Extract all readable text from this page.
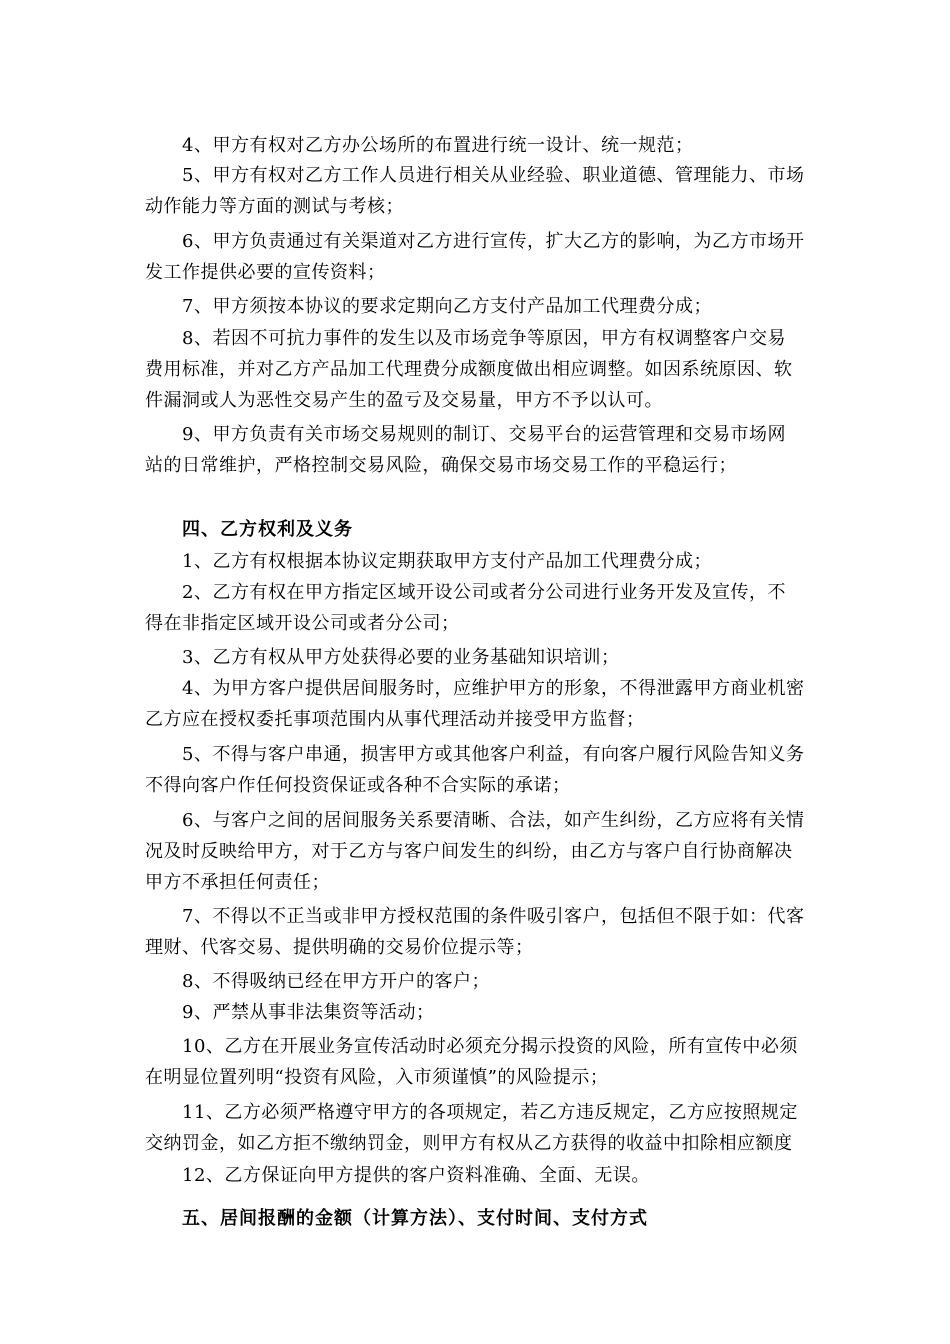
4、甲方有权对乙方办公场所的布置进行统一设计、统一规范；
5、甲方有权对乙方工作人员进行相关从业经验、职业道德、管理能力、市场
动作能力等方面的测试与考核；
6、甲方负责通过有关渠道对乙方进行宣传，扩大乙方的影响，为乙方市场开
发工作提供必要的宣传资料；
7、甲方须按本协议的要求定期向乙方支付产品加工代理费分成；
8、若因不可抗力事件的发生以及市场竞争等原因，甲方有权调整客户交易
费用标准，并对乙方产品加工代理费分成额度做出相应调整。如因系统原因、软
件漏洞或人为恶性交易产生的盈亏及交易量，甲方不予以认可。
9、甲方负责有关市场交易规则的制订、交易平台的运营管理和交易市场网
站的日常维护，严格控制交易风险，确保交易市场交易工作的平稳运行；
四、乙方权利及义务
1、乙方有权根据本协议定期获取甲方支付产品加工代理费分成；
2、乙方有权在甲方指定区域开设公司或者分公司进行业务开发及宣传，不
得在非指定区域开设公司或者分公司；
3、乙方有权从甲方处获得必要的业务基础知识培训；
4、为甲方客户提供居间服务时，应维护甲方的形象，不得泄露甲方商业机密
乙方应在授权委托事项范围内从事代理活动并接受甲方监督；
5、不得与客户串通，损害甲方或其他客户利益，有向客户履行风险告知义务
不得向客户作任何投资保证或各种不合实际的承诺；
6、与客户之间的居间服务关系要清晰、合法，如产生纠纷，乙方应将有关情
况及时反映给甲方，对于乙方与客户间发生的纠纷，由乙方与客户自行协商解决
甲方不承担任何责任；
7、不得以不正当或非甲方授权范围的条件吸引客户，包括但不限于如：代客
理财、代客交易、提供明确的交易价位提示等；
8、不得吸纳已经在甲方开户的客户；
9、严禁从事非法集资等活动；
10、乙方在开展业务宣传活动时必须充分揭示投资的风险，所有宣传中必须
在明显位置列明“投资有风险，入市须谨慎”的风险提示；
11、乙方必须严格遵守甲方的各项规定，若乙方违反规定，乙方应按照规定
交纳罚金，如乙方拒不缴纳罚金，则甲方有权从乙方获得的收益中扣除相应额度
12、乙方保证向甲方提供的客户资料准确、全面、无误。
五、居间报酬的金额（计算方法）、支付时间、支付方式
